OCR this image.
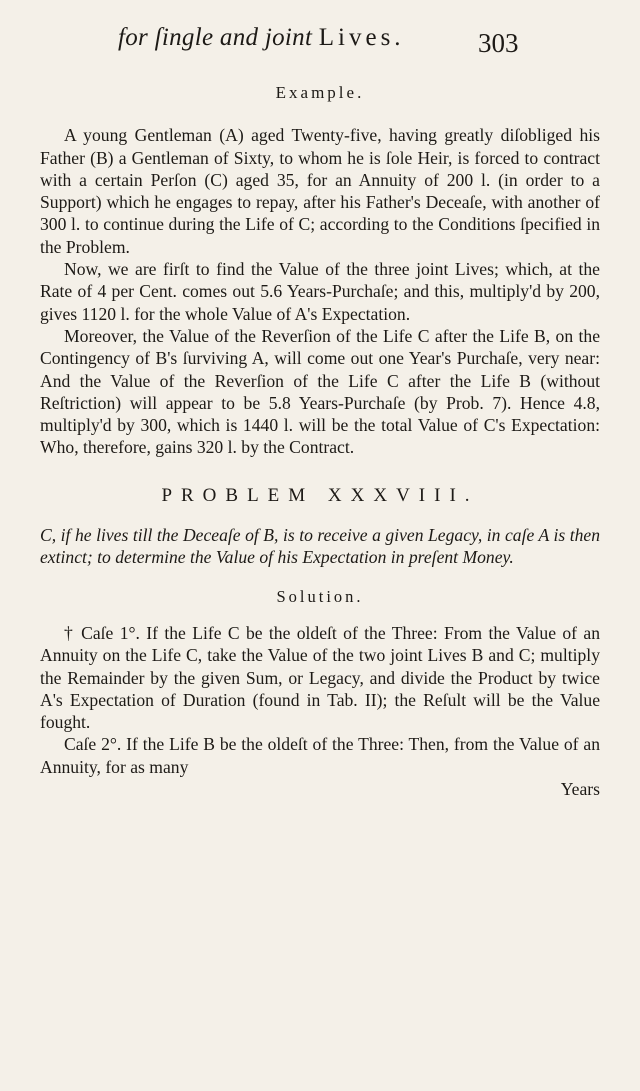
for ſingle and joint Lives.	303
Example.

A young Gentleman (A) aged Twenty-five, having greatly diſobliged his Father (B) a Gentleman of Sixty, to whom he is ſole Heir, is forced to contract with a certain Perſon (C) aged 35, for an Annuity of 200 l. (in order to a Support) which he engages to repay, after his Father's Deceaſe, with another of 300 l. to continue during the Life of C; according to the Conditions ſpecified in the Problem.

Now, we are firſt to find the Value of the three joint Lives; which, at the Rate of 4 per Cent. comes out 5.6 Years-Purchaſe; and this, multiply'd by 200, gives 1120 l. for the whole Value of A's Expectation.

Moreover, the Value of the Reverſion of the Life C after the Life B, on the Contingency of B's ſurviving A, will come out one Year's Purchaſe, very near: And the Value of the Reverſion of the Life C after the Life B (without Reſtriction) will appear to be 5.8 Years-Purchaſe (by Prob. 7). Hence 4.8, multiply'd by 300, which is 1440 l. will be the total Value of C's Expectation: Who, therefore, gains 320 l. by the Contract.

PROBLEM XXXVIII.

C, if he lives till the Deceaſe of B, is to receive a given Legacy, in caſe A is then extinct; to determine the Value of his Expectation in preſent Money.

Solution.

† Caſe 1°. If the Life C be the oldeſt of the Three: From the Value of an Annuity on the Life C, take the Value of the two joint Lives B and C; multiply the Remainder by the given Sum, or Legacy, and divide the Product by twice A's Expectation of Duration (found in Tab. II); the Reſult will be the Value fought.

Caſe 2°. If the Life B be the oldeſt of the Three: Then, from the Value of an Annuity, for as many

Years
